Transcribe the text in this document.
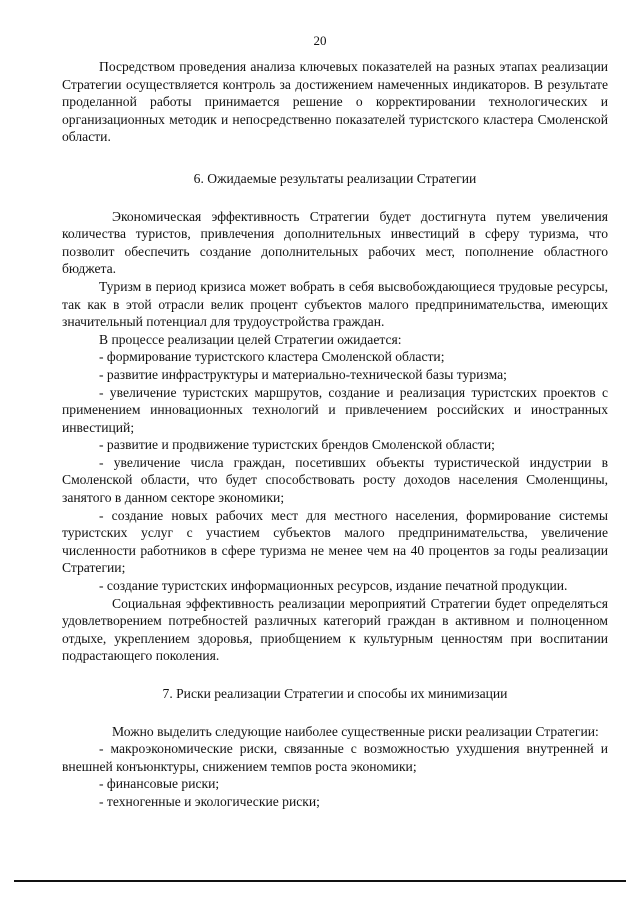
20

Посредством проведения анализа ключевых показателей на разных этапах реализации Стратегии осуществляется контроль за достижением намеченных индикаторов. В результате проделанной работы принимается решение о корректировании технологических и организационных методик и непосредственно показателей туристского кластера Смоленской области.

6. Ожидаемые результаты реализации Стратегии

Экономическая эффективность Стратегии будет достигнута путем увеличения количества туристов, привлечения дополнительных инвестиций в сферу туризма, что позволит обеспечить создание дополнительных рабочих мест, пополнение областного бюджета.

Туризм в период кризиса может вобрать в себя высвобождающиеся трудовые ресурсы, так как в этой отрасли велик процент субъектов малого предпринимательства, имеющих значительный потенциал для трудоустройства граждан.

В процессе реализации целей Стратегии ожидается:

- формирование туристского кластера Смоленской области;

- развитие инфраструктуры и материально-технической базы туризма;

- увеличение туристских маршрутов, создание и реализация туристских проектов с применением инновационных технологий и привлечением российских и иностранных инвестиций;

- развитие и продвижение туристских брендов Смоленской области;

- увеличение числа граждан, посетивших объекты туристической индустрии в Смоленской области, что будет способствовать росту доходов населения Смоленщины, занятого в данном секторе экономики;

- создание новых рабочих мест для местного населения, формирование системы туристских услуг с участием субъектов малого предпринимательства, увеличение численности работников в сфере туризма не менее чем на 40 процентов за годы реализации Стратегии;

- создание туристских информационных ресурсов, издание печатной продукции.

Социальная эффективность реализации мероприятий Стратегии будет определяться удовлетворением потребностей различных категорий граждан в активном и полноценном отдыхе, укреплением здоровья, приобщением к культурным ценностям при воспитании подрастающего поколения.

7. Риски реализации Стратегии и способы их минимизации

Можно выделить следующие наиболее существенные риски реализации Стратегии:

- макроэкономические риски, связанные с возможностью ухудшения внутренней и внешней конъюнктуры, снижением темпов роста экономики;

- финансовые риски;

- техногенные и экологические риски;
